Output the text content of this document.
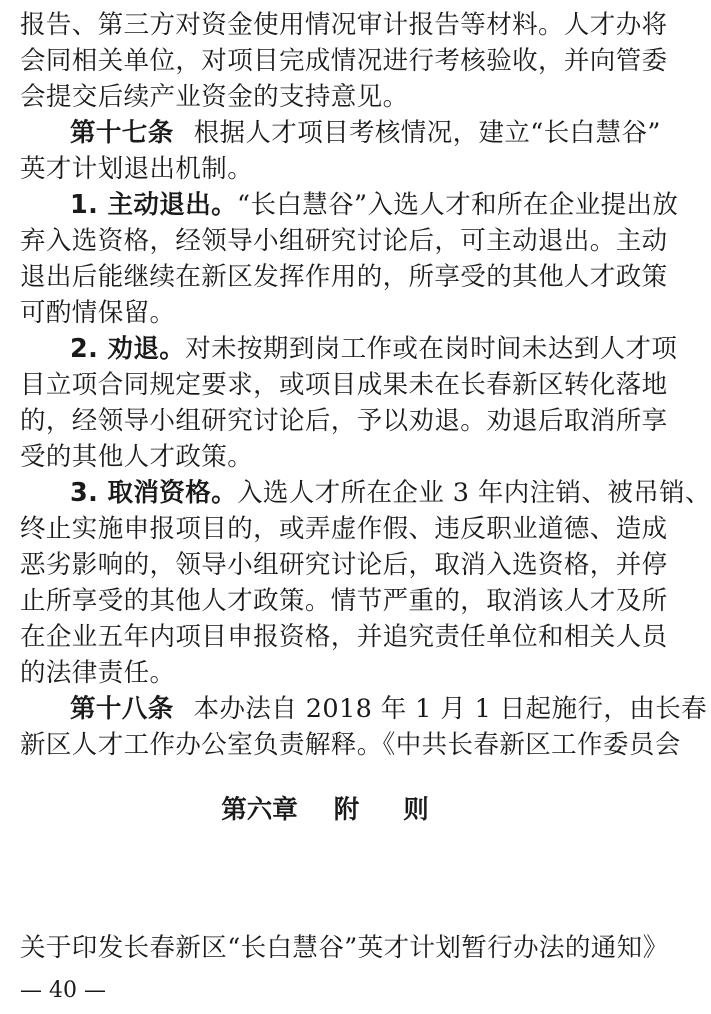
报告、第三方对资金使用情况审计报告等材料。人才办将
会同相关单位，对项目完成情况进行考核验收，并向管委
会提交后续产业资金的支持意见。
第十七条 根据人才项目考核情况，建立“长白慧谷”
英才计划退出机制。
1. 主动退出。“长白慧谷”入选人才和所在企业提出放
弃入选资格，经领导小组研究讨论后，可主动退出。主动
退出后能继续在新区发挥作用的，所享受的其他人才政策
可酌情保留。
2. 劝退。对未按期到岗工作或在岗时间未达到人才项
目立项合同规定要求，或项目成果未在长春新区转化落地
的，经领导小组研究讨论后，予以劝退。劝退后取消所享
受的其他人才政策。
3. 取消资格。入选人才所在企业 3 年内注销、被吊销、
终止实施申报项目的，或弄虚作假、违反职业道德、造成
恶劣影响的，领导小组研究讨论后，取消入选资格，并停
止所享受的其他人才政策。情节严重的，取消该人才及所
在企业五年内项目申报资格，并追究责任单位和相关人员
的法律责任。
第六章 附 则
第十八条 本办法自 2018 年 1 月 1 日起施行，由长春
新区人才工作办公室负责解释。《中共长春新区工作委员会
关于印发长春新区“长白慧谷”英才计划暂行办法的通知》
— 40 —
